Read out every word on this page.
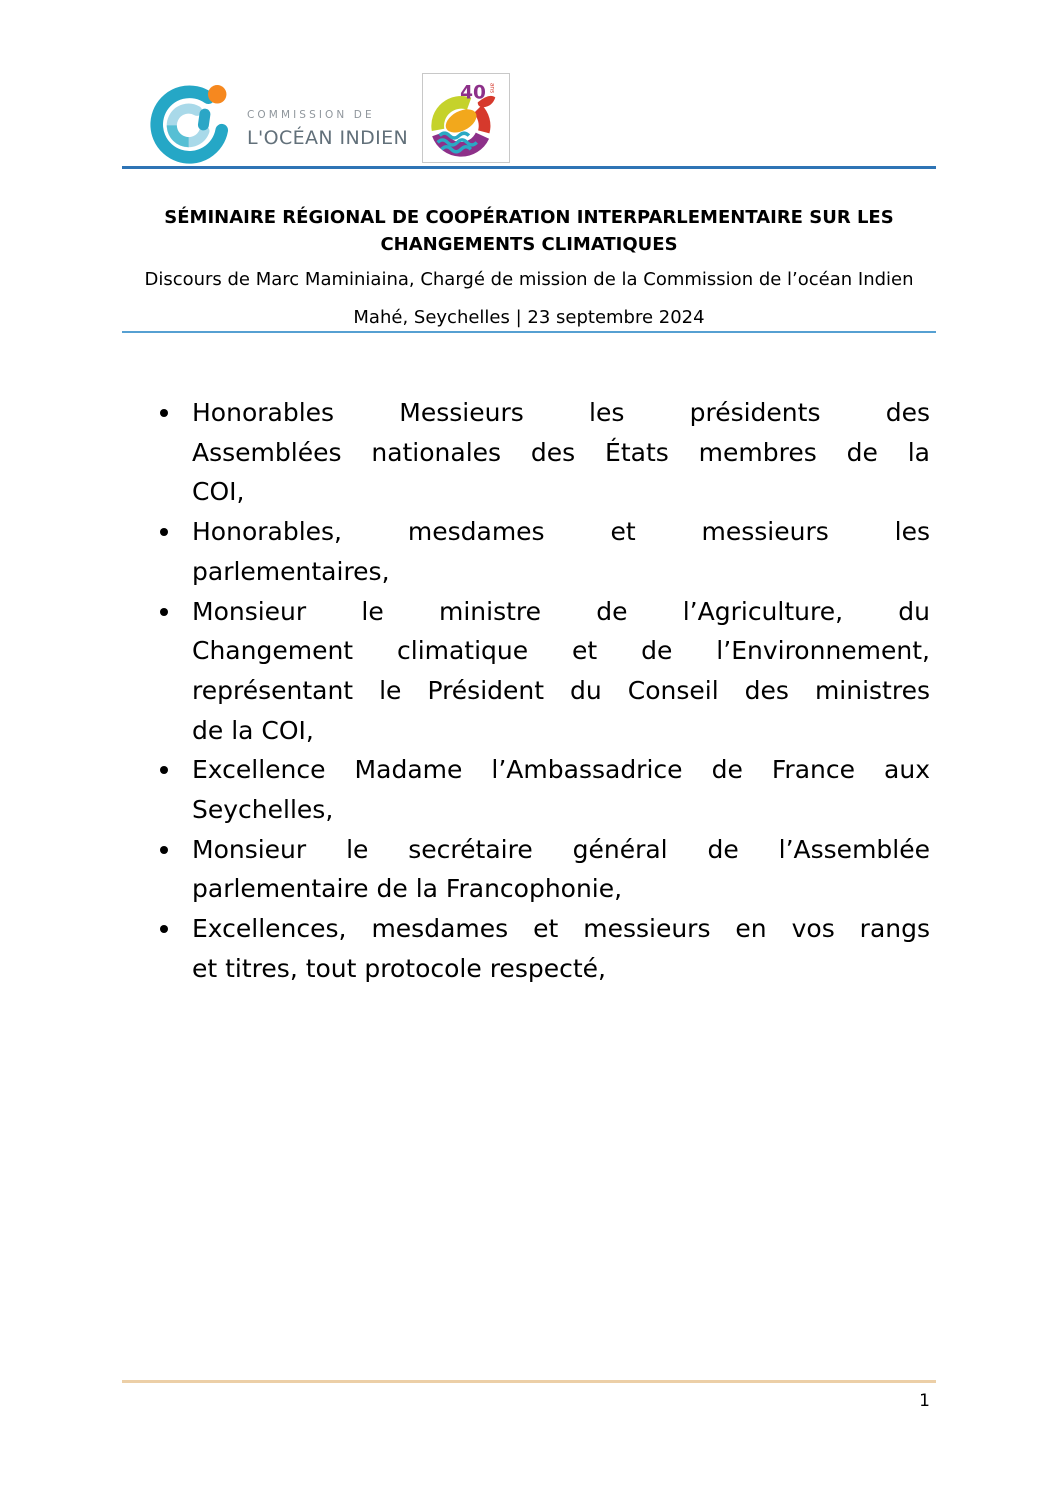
COMMISSION DE
L'OCÉAN INDIEN
40 ans
SÉMINAIRE RÉGIONAL DE COOPÉRATION INTERPARLEMENTAIRE SUR LES
CHANGEMENTS CLIMATIQUES
Discours de Marc Maminiaina, Chargé de mission de la Commission de l’océan Indien
Mahé, Seychelles | 23 septembre 2024
Honorables Messieurs les présidents des
Assemblées nationales des États membres de la
COI,
Honorables, mesdames et messieurs les
parlementaires,
Monsieur le ministre de l’Agriculture, du
Changement climatique et de l’Environnement,
représentant le Président du Conseil des ministres
de la COI,
Excellence Madame l’Ambassadrice de France aux
Seychelles,
Monsieur le secrétaire général de l’Assemblée
parlementaire de la Francophonie,
Excellences, mesdames et messieurs en vos rangs
et titres, tout protocole respecté,
1
